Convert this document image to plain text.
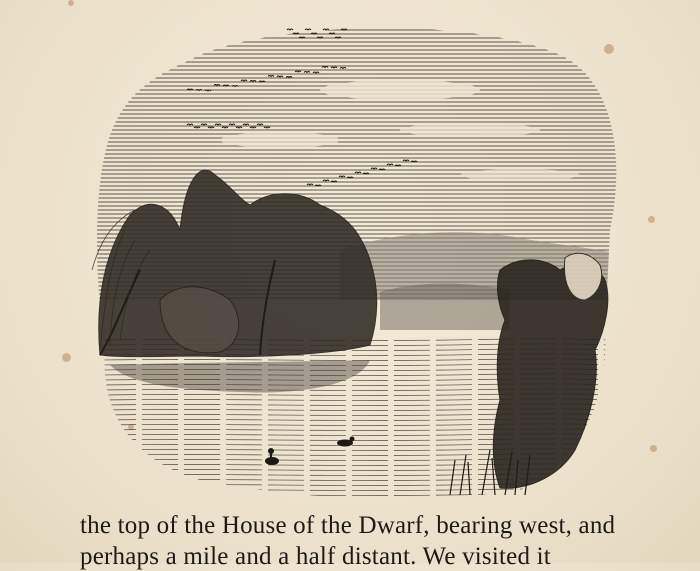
the top of the House of the Dwarf, bearing west, and
perhaps a mile and a half distant. We visited it
